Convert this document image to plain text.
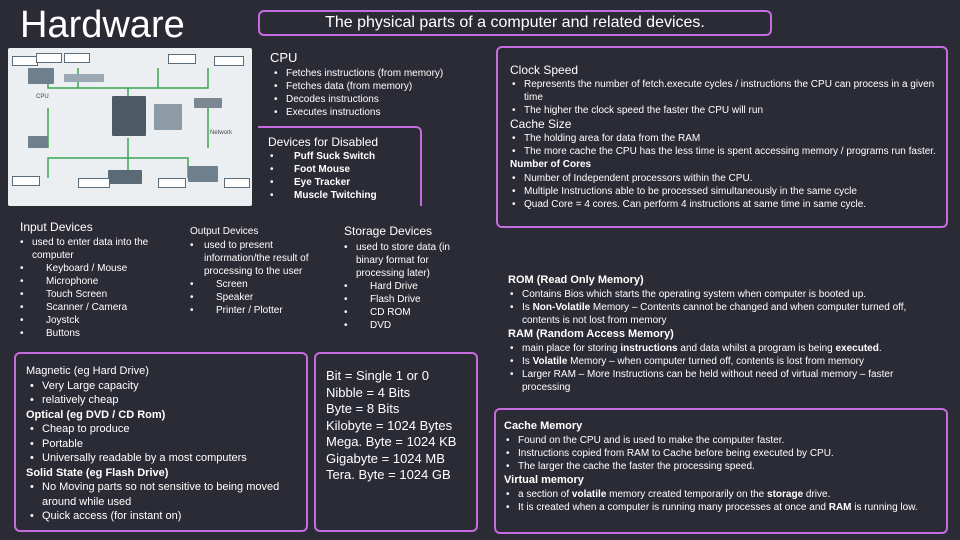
Hardware	The physical parts of a computer and related devices.
CPU
Network
CPU
• Fetches instructions (from memory)
• Fetches data (from memory)
• Decodes instructions
• Executes instructions
Devices for Disabled
• Puff Suck Switch
• Foot Mouse
• Eye Tracker
• Muscle Twitching
Input Devices
• used to enter data into the computer
• Keyboard / Mouse
• Microphone
• Touch Screen
• Scanner / Camera
• Joystck
• Buttons
Output Devices
• used to present information/the result of processing to the user
• Screen
• Speaker
• Printer / Plotter
Storage Devices
• used to store data (in binary format for processing later)
• Hard Drive
• Flash Drive
• CD ROM
• DVD
Magnetic (eg Hard Drive)
• Very Large capacity
• relatively cheap
Optical (eg DVD / CD Rom)
• Cheap to produce
• Portable
• Universally readable by a most computers
Solid State (eg Flash Drive)
• No Moving parts so not sensitive to being moved around while used
• Quick access (for instant on)
Bit = Single 1 or 0
Nibble = 4 Bits
Byte = 8 Bits
Kilobyte = 1024 Bytes
Mega. Byte = 1024 KB
Gigabyte = 1024 MB
Tera. Byte = 1024 GB
Clock Speed
• Represents the number of fetch.execute cycles / instructions the CPU can process in a given time
• The higher the clock speed the faster the CPU will run
Cache Size
• The holding area for data from the RAM
• The more cache the CPU has the less time is spent accessing memory / programs run faster.
Number of Cores
• Number of Independent processors within the CPU.
• Multiple Instructions able to be processed simultaneously in the same cycle
• Quad Core = 4 cores. Can perform 4 instructions at same time in same cycle.
ROM (Read Only Memory)
• Contains Bios which starts the operating system when computer is booted up.
• Is Non-Volatile Memory – Contents cannot be changed and when computer turned off, contents is not lost from memory
RAM (Random Access Memory)
• main place for storing instructions and data whilst a program is being executed.
• Is Volatile Memory – when computer turned off, contents is lost from memory
• Larger RAM – More Instructions can be held without need of virtual memory – faster processing
Cache Memory
• Found on the CPU and is used to make the computer faster.
• Instructions copied from RAM to Cache before being executed by CPU.
• The larger the cache the faster the processing speed.
Virtual memory
• a section of volatile memory created temporarily on the storage drive.
• It is created when a computer is running many processes at once and RAM is running low.
